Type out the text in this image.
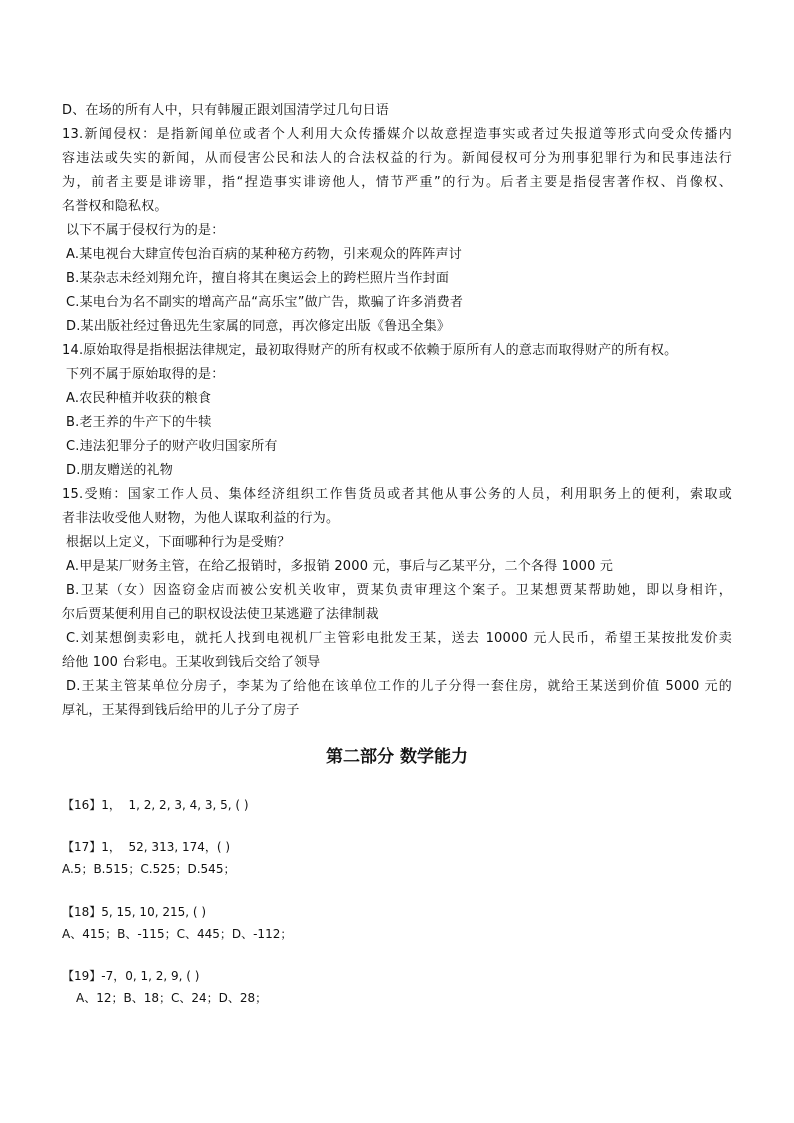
D、在场的所有人中，只有韩履正跟刘国清学过几句日语
13.新闻侵权：是指新闻单位或者个人利用大众传播媒介以故意捏造事实或者过失报道等形式向受众传播内
容违法或失实的新闻，从而侵害公民和法人的合法权益的行为。新闻侵权可分为刑事犯罪行为和民事违法行
为，前者主要是诽谤罪，指“捏造事实诽谤他人，情节严重”的行为。后者主要是指侵害著作权、肖像权、
名誉权和隐私权。
以下不属于侵权行为的是：
A.某电视台大肆宣传包治百病的某种秘方药物，引来观众的阵阵声讨
B.某杂志未经刘翔允许，擅自将其在奥运会上的跨栏照片当作封面
C.某电台为名不副实的增高产品“高乐宝”做广告，欺骗了许多消费者
D.某出版社经过鲁迅先生家属的同意，再次修定出版《鲁迅全集》
14.原始取得是指根据法律规定，最初取得财产的所有权或不依赖于原所有人的意志而取得财产的所有权。
下列不属于原始取得的是：
A.农民种植并收获的粮食
B.老王养的牛产下的牛犊
C.违法犯罪分子的财产收归国家所有
D.朋友赠送的礼物
15.受贿：国家工作人员、集体经济组织工作售货员或者其他从事公务的人员，利用职务上的便利，索取或
者非法收受他人财物，为他人谋取利益的行为。
根据以上定义，下面哪种行为是受贿？
A.甲是某厂财务主管，在给乙报销时，多报销 2000 元，事后与乙某平分，二个各得 1000 元
B.卫某（女）因盗窃金店而被公安机关收审，贾某负责审理这个案子。卫某想贾某帮助她，即以身相许，
尔后贾某便利用自己的职权设法使卫某逃避了法律制裁
C.刘某想倒卖彩电，就托人找到电视机厂主管彩电批发王某，送去 10000 元人民币，希望王某按批发价卖
给他 100 台彩电。王某收到钱后交给了领导
D.王某主管某单位分房子，李某为了给他在该单位工作的儿子分得一套住房，就给王某送到价值 5000 元的
厚礼，王某得到钱后给甲的儿子分了房子
第二部分 数学能力
【16】1，  1, 2, 2, 3, 4, 3, 5, ( )
【17】1，  52, 313, 174，( )
A.5；B.515；C.525；D.545；
【18】5, 15, 10, 215, ( )
A、415；B、-115；C、445；D、-112；
【19】-7，0, 1, 2, 9, ( )
A、12；B、18；C、24；D、28；
